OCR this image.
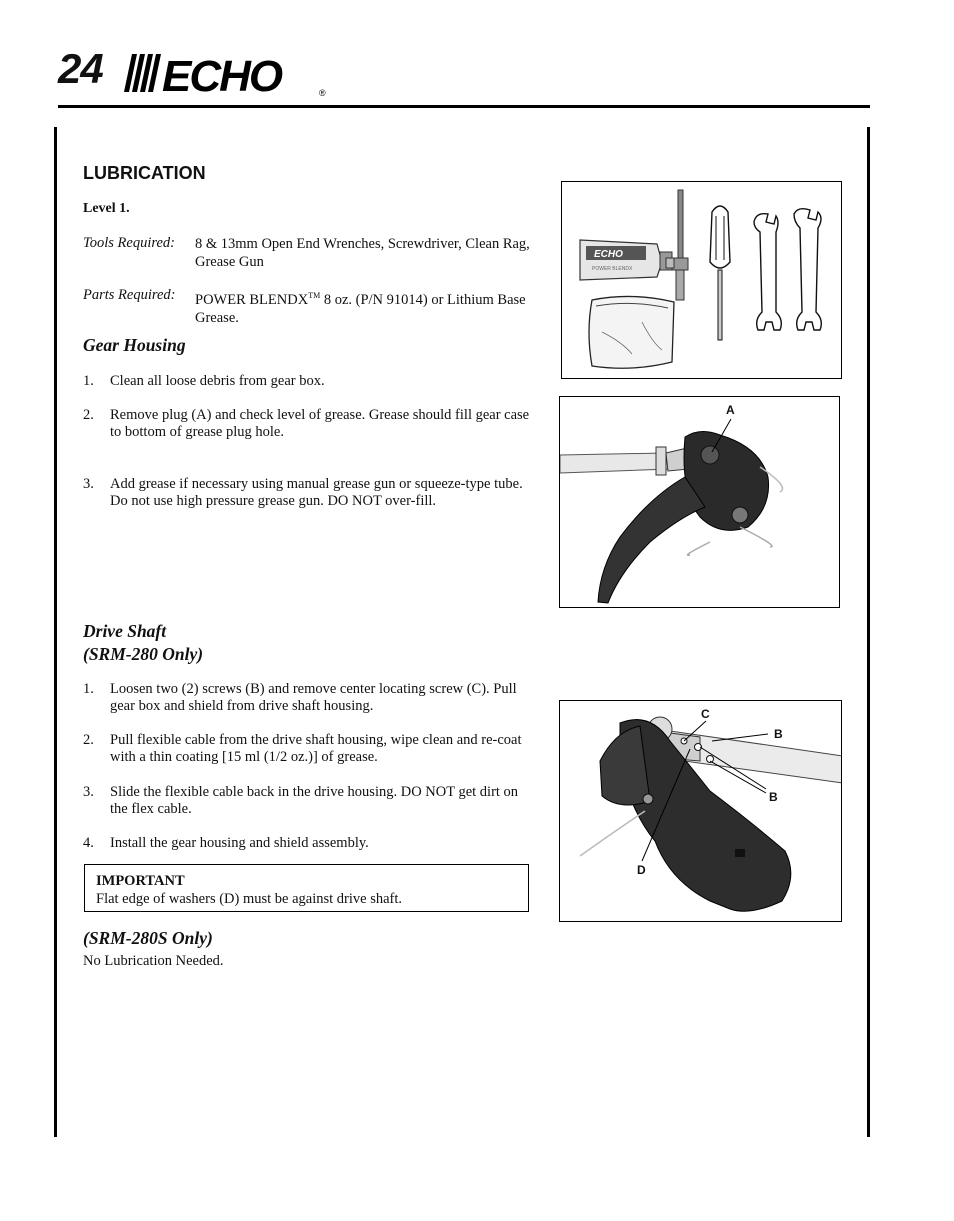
24 ECHO	®
LUBRICATION
Level 1.
Tools Required: 8 & 13mm Open End Wrenches, Screwdriver, Clean Rag, Grease Gun
Parts Required: POWER BLENDX™ 8 oz. (P/N 91014) or Lithium Base Grease.
Gear Housing
1. Clean all loose debris from gear box.
2. Remove plug (A) and check level of grease. Grease should fill gear case to bottom of grease plug hole.
3. Add grease if necessary using manual grease gun or squeeze-type tube. Do not use high pressure grease gun. DO NOT over-fill.
Drive Shaft
(SRM-280 Only)
1. Loosen two (2) screws (B) and remove center locating screw (C). Pull gear box and shield from drive shaft housing.
2. Pull flexible cable from the drive shaft housing, wipe clean and re-coat with a thin coating [15 ml (1/2 oz.)] of grease.
3. Slide the flexible cable back in the drive housing. DO NOT get dirt on the flex cable.
4. Install the gear housing and shield assembly.
IMPORTANT
Flat edge of washers (D) must be against drive shaft.
(SRM-280S Only)
No Lubrication Needed.
ECHO
POWER BLENDX
A
C
B
B
D
